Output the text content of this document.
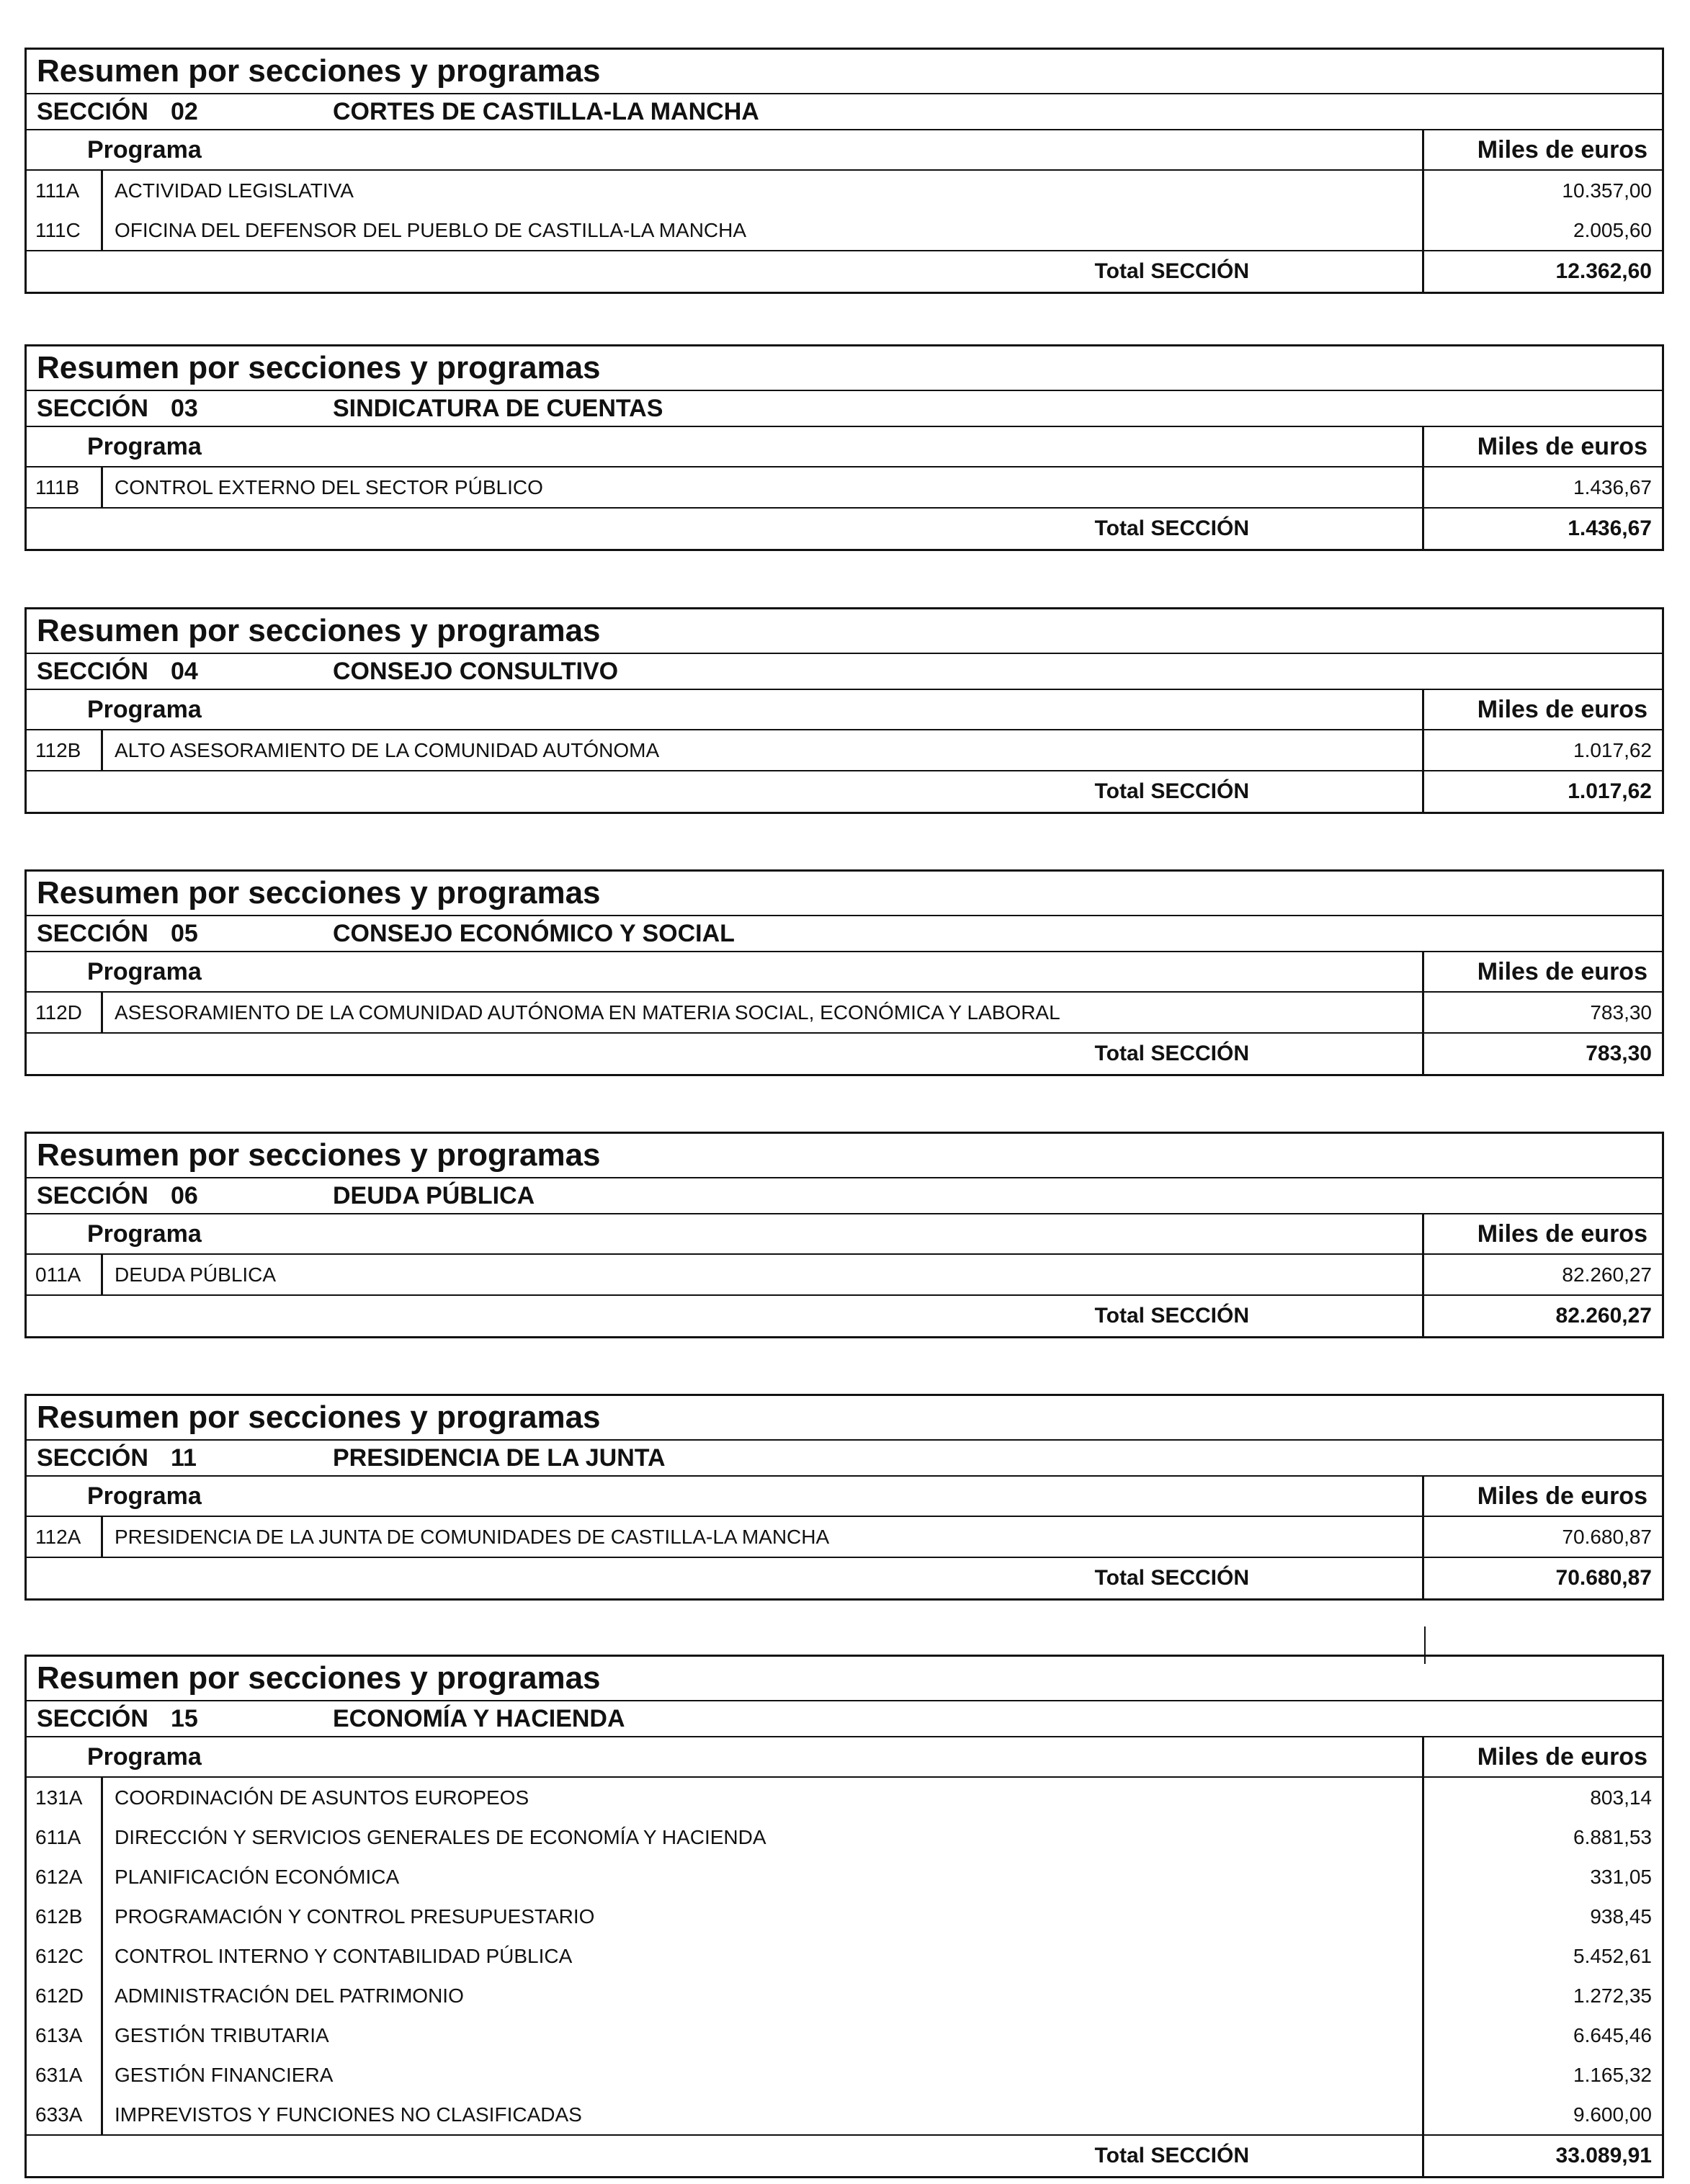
Resumen por secciones y programas
SECCIÓN 02	CORTES DE CASTILLA-LA MANCHA
Programa	Miles de euros
111A	ACTIVIDAD LEGISLATIVA	10.357,00
111C	OFICINA DEL DEFENSOR DEL PUEBLO DE CASTILLA-LA MANCHA	2.005,60
Total SECCIÓN	12.362,60
Resumen por secciones y programas
SECCIÓN 03	SINDICATURA DE CUENTAS
Programa	Miles de euros
111B	CONTROL EXTERNO DEL SECTOR PÚBLICO	1.436,67
Total SECCIÓN	1.436,67
Resumen por secciones y programas
SECCIÓN 04	CONSEJO CONSULTIVO
Programa	Miles de euros
112B	ALTO ASESORAMIENTO DE LA COMUNIDAD AUTÓNOMA	1.017,62
Total SECCIÓN	1.017,62
Resumen por secciones y programas
SECCIÓN 05	CONSEJO ECONÓMICO Y SOCIAL
Programa	Miles de euros
112D	ASESORAMIENTO DE LA COMUNIDAD AUTÓNOMA EN MATERIA SOCIAL, ECONÓMICA Y LABORAL	783,30
Total SECCIÓN	783,30
Resumen por secciones y programas
SECCIÓN 06	DEUDA PÚBLICA
Programa	Miles de euros
011A	DEUDA PÚBLICA	82.260,27
Total SECCIÓN	82.260,27
Resumen por secciones y programas
SECCIÓN 11	PRESIDENCIA DE LA JUNTA
Programa	Miles de euros
112A	PRESIDENCIA DE LA JUNTA DE COMUNIDADES DE CASTILLA-LA MANCHA	70.680,87
Total SECCIÓN	70.680,87
Resumen por secciones y programas
SECCIÓN 15	ECONOMÍA Y HACIENDA
Programa	Miles de euros
131A	COORDINACIÓN DE ASUNTOS EUROPEOS	803,14
611A	DIRECCIÓN Y SERVICIOS GENERALES DE ECONOMÍA Y HACIENDA	6.881,53
612A	PLANIFICACIÓN ECONÓMICA	331,05
612B	PROGRAMACIÓN Y CONTROL PRESUPUESTARIO	938,45
612C	CONTROL INTERNO Y CONTABILIDAD PÚBLICA	5.452,61
612D	ADMINISTRACIÓN DEL PATRIMONIO	1.272,35
613A	GESTIÓN TRIBUTARIA	6.645,46
631A	GESTIÓN FINANCIERA	1.165,32
633A	IMPREVISTOS Y FUNCIONES NO CLASIFICADAS	9.600,00
Total SECCIÓN	33.089,91
